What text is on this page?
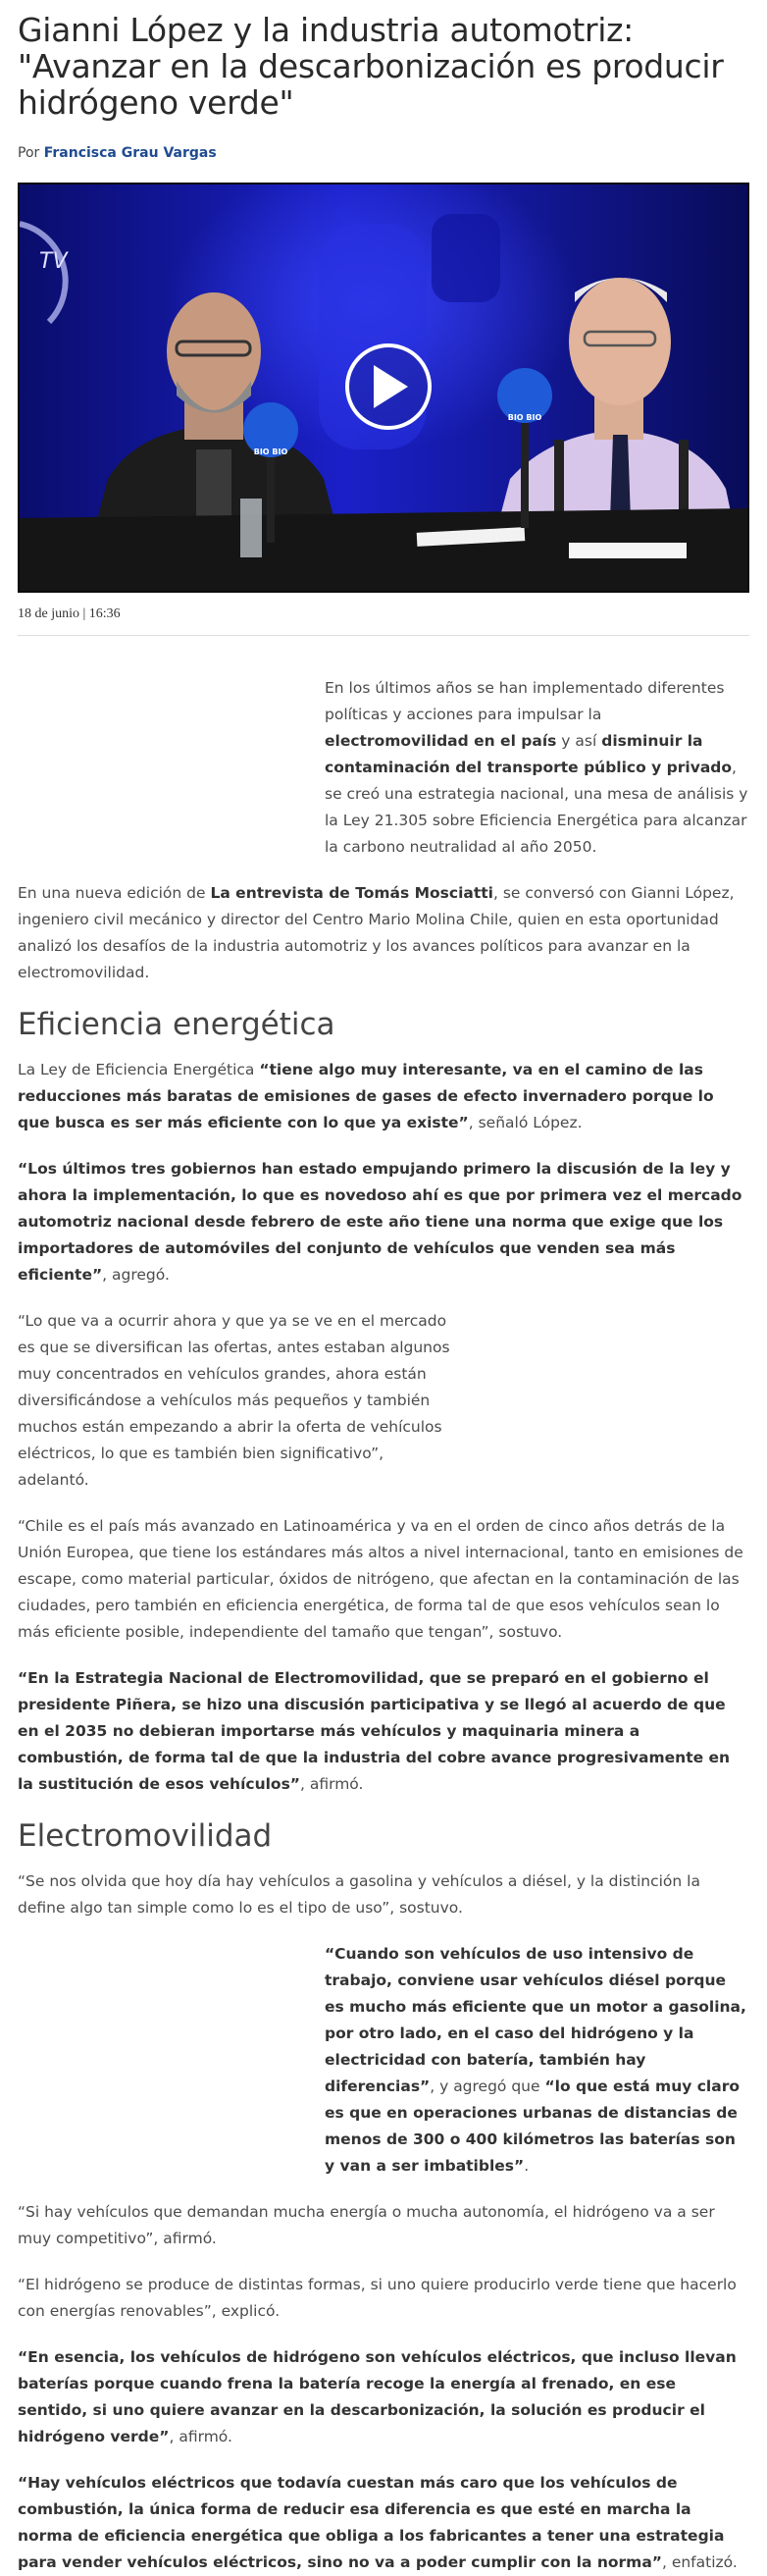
Gianni López y la industria automotriz: "Avanzar en la descarbonización es producir hidrógeno verde"
Por Francisca Grau Vargas
TV
BIO BIO
BIO BIO
18 de junio | 16:36

En los últimos años se han implementado diferentes políticas y acciones para impulsar la electromovilidad en el país y así disminuir la contaminación del transporte público y privado, se creó una estrategia nacional, una mesa de análisis y la Ley 21.305 sobre Eficiencia Energética para alcanzar la carbono neutralidad al año 2050.

En una nueva edición de La entrevista de Tomás Mosciatti, se conversó con Gianni López, ingeniero civil mecánico y director del Centro Mario Molina Chile, quien en esta oportunidad analizó los desafíos de la industria automotriz y los avances políticos para avanzar en la electromovilidad.

Eficiencia energética

La Ley de Eficiencia Energética “tiene algo muy interesante, va en el camino de las reducciones más baratas de emisiones de gases de efecto invernadero porque lo que busca es ser más eficiente con lo que ya existe”, señaló López.

“Los últimos tres gobiernos han estado empujando primero la discusión de la ley y ahora la implementación, lo que es novedoso ahí es que por primera vez el mercado automotriz nacional desde febrero de este año tiene una norma que exige que los importadores de automóviles del conjunto de vehículos que venden sea más eficiente”, agregó.

“Lo que va a ocurrir ahora y que ya se ve en el mercado es que se diversifican las ofertas, antes estaban algunos muy concentrados en vehículos grandes, ahora están diversificándose a vehículos más pequeños y también muchos están empezando a abrir la oferta de vehículos eléctricos, lo que es también bien significativo”, adelantó.

“Chile es el país más avanzado en Latinoamérica y va en el orden de cinco años detrás de la Unión Europea, que tiene los estándares más altos a nivel internacional, tanto en emisiones de escape, como material particular, óxidos de nitrógeno, que afectan en la contaminación de las ciudades, pero también en eficiencia energética, de forma tal de que esos vehículos sean lo más eficiente posible, independiente del tamaño que tengan”, sostuvo.

“En la Estrategia Nacional de Electromovilidad, que se preparó en el gobierno el presidente Piñera, se hizo una discusión participativa y se llegó al acuerdo de que en el 2035 no debieran importarse más vehículos y maquinaria minera a combustión, de forma tal de que la industria del cobre avance progresivamente en la sustitución de esos vehículos”, afirmó.

Electromovilidad

“Se nos olvida que hoy día hay vehículos a gasolina y vehículos a diésel, y la distinción la define algo tan simple como lo es el tipo de uso”, sostuvo.

“Cuando son vehículos de uso intensivo de trabajo, conviene usar vehículos diésel porque es mucho más eficiente que un motor a gasolina, por otro lado, en el caso del hidrógeno y la electricidad con batería, también hay diferencias”, y agregó que “lo que está muy claro es que en operaciones urbanas de distancias de menos de 300 o 400 kilómetros las baterías son y van a ser imbatibles”.

“Si hay vehículos que demandan mucha energía o mucha autonomía, el hidrógeno va a ser muy competitivo”, afirmó.

“El hidrógeno se produce de distintas formas, si uno quiere producirlo verde tiene que hacerlo con energías renovables”, explicó.

“En esencia, los vehículos de hidrógeno son vehículos eléctricos, que incluso llevan baterías porque cuando frena la batería recoge la energía al frenado, en ese sentido, si uno quiere avanzar en la descarbonización, la solución es producir el hidrógeno verde”, afirmó.

“Hay vehículos eléctricos que todavía cuestan más caro que los vehículos de combustión, la única forma de reducir esa diferencia es que esté en marcha la norma de eficiencia energética que obliga a los fabricantes a tener una estrategia para vender vehículos eléctricos, sino no va a poder cumplir con la norma”, enfatizó.
